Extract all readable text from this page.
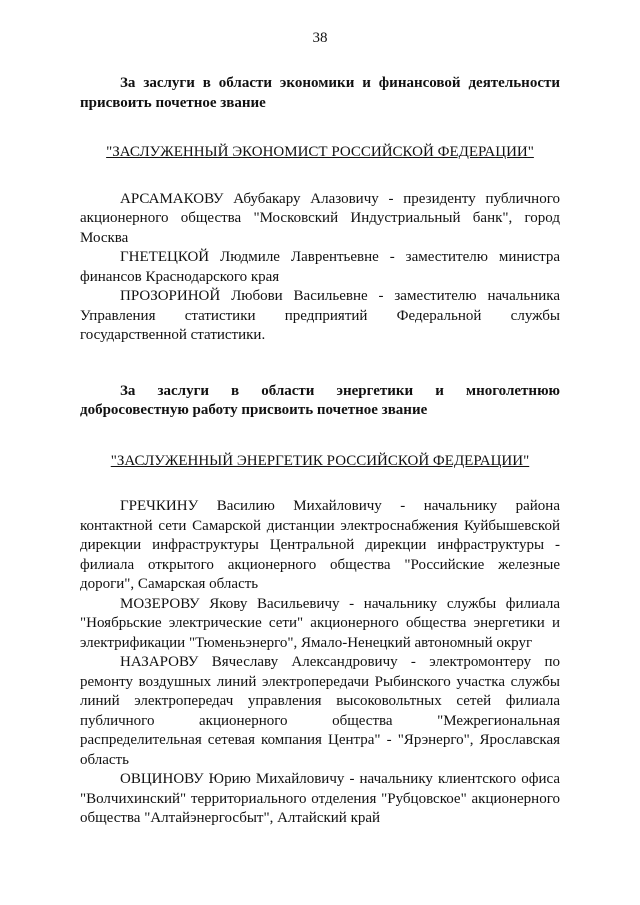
38

За заслуги в области экономики и финансовой деятельности присвоить почетное звание

"ЗАСЛУЖЕННЫЙ ЭКОНОМИСТ РОССИЙСКОЙ ФЕДЕРАЦИИ"

АРСАМАКОВУ Абубакару Алазовичу - президенту публичного акционерного общества "Московский Индустриальный банк", город Москва

ГНЕТЕЦКОЙ Людмиле Лаврентьевне - заместителю министра финансов Краснодарского края

ПРОЗОРИНОЙ Любови Васильевне - заместителю начальника Управления статистики предприятий Федеральной службы государственной статистики.

За заслуги в области энергетики и многолетнюю добросовестную работу присвоить почетное звание

"ЗАСЛУЖЕННЫЙ ЭНЕРГЕТИК РОССИЙСКОЙ ФЕДЕРАЦИИ"

ГРЕЧКИНУ Василию Михайловичу - начальнику района контактной сети Самарской дистанции электроснабжения Куйбышевской дирекции инфраструктуры Центральной дирекции инфраструктуры - филиала открытого акционерного общества "Российские железные дороги", Самарская область

МОЗЕРОВУ Якову Васильевичу - начальнику службы филиала "Ноябрьские электрические сети" акционерного общества энергетики и электрификации "Тюменьэнерго", Ямало-Ненецкий автономный округ

НАЗАРОВУ Вячеславу Александровичу - электромонтеру по ремонту воздушных линий электропередачи Рыбинского участка службы линий электропередач управления высоковольтных сетей филиала публичного акционерного общества "Межрегиональная распределительная сетевая компания Центра" - "Ярэнерго", Ярославская область

ОВЦИНОВУ Юрию Михайловичу - начальнику клиентского офиса "Волчихинский" территориального отделения "Рубцовское" акционерного общества "Алтайэнергосбыт", Алтайский край
